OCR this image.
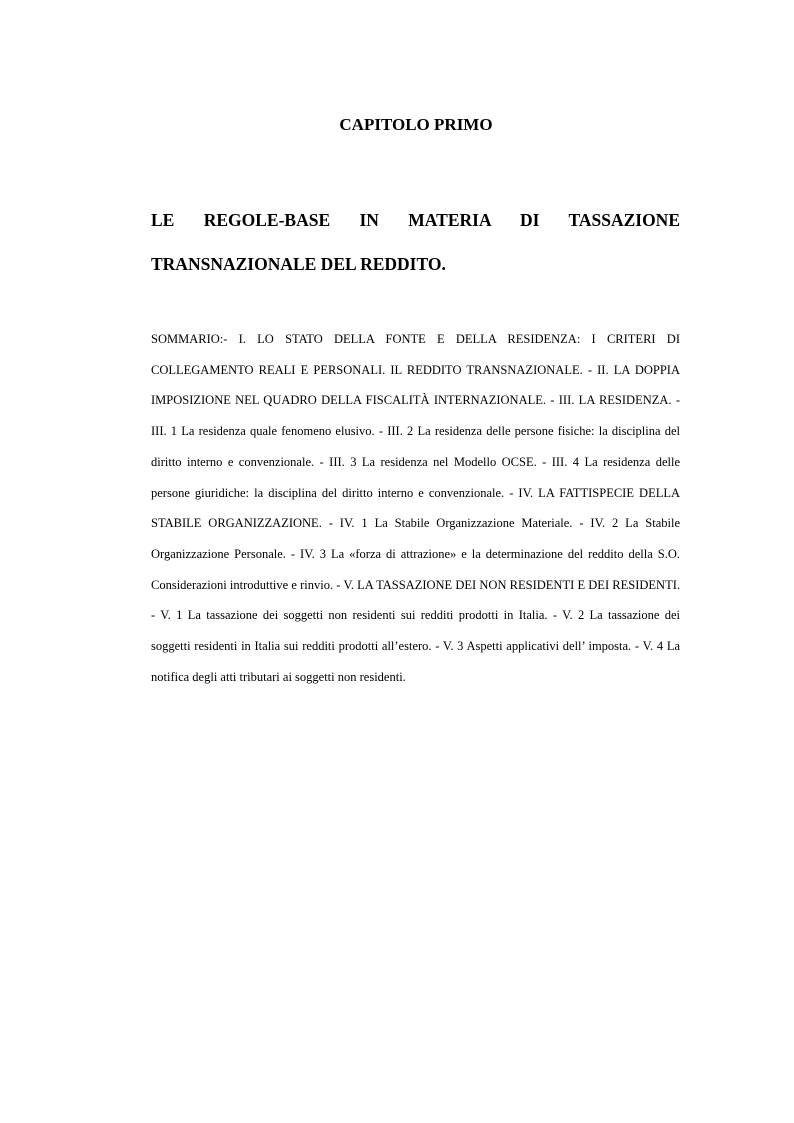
CAPITOLO PRIMO
LE REGOLE-BASE IN MATERIA DI TASSAZIONE TRANSNAZIONALE DEL REDDITO.

SOMMARIO:- I. LO STATO DELLA FONTE E DELLA RESIDENZA: I CRITERI DI COLLEGAMENTO REALI E PERSONALI. IL REDDITO TRANSNAZIONALE. - II. LA DOPPIA IMPOSIZIONE NEL QUADRO DELLA FISCALITÀ INTERNAZIONALE. - III. LA RESIDENZA. - III. 1 La residenza quale fenomeno elusivo. - III. 2 La residenza delle persone fisiche: la disciplina del diritto interno e convenzionale. - III. 3 La residenza nel Modello OCSE. - III. 4 La residenza delle persone giuridiche: la disciplina del diritto interno e convenzionale. - IV. LA FATTISPECIE DELLA STABILE ORGANIZZAZIONE. - IV. 1 La Stabile Organizzazione Materiale. - IV. 2 La Stabile Organizzazione Personale. - IV. 3 La «forza di attrazione» e la determinazione del reddito della S.O. Considerazioni introduttive e rinvio. - V. LA TASSAZIONE DEI NON RESIDENTI E DEI RESIDENTI. - V. 1 La tassazione dei soggetti non residenti sui redditi prodotti in Italia. - V. 2 La tassazione dei soggetti residenti in Italia sui redditi prodotti all’estero. - V. 3 Aspetti applicativi dell’ imposta. - V. 4 La notifica degli atti tributari ai soggetti non residenti.
